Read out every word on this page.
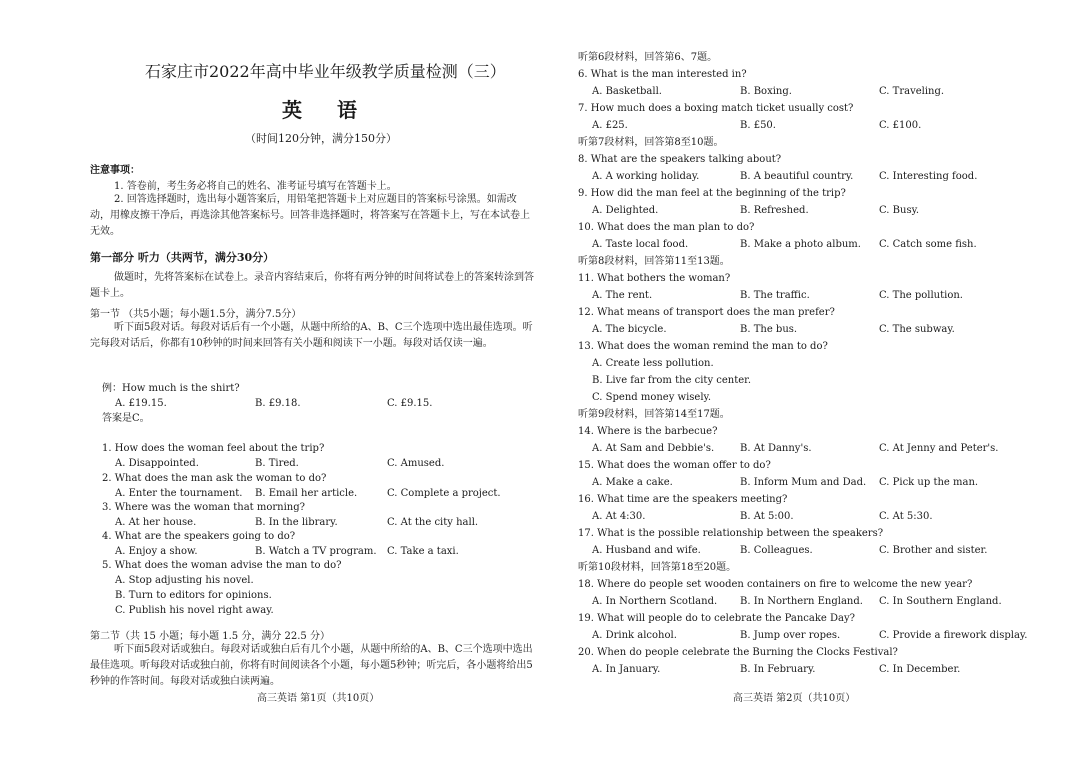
石家庄市2022年高中毕业年级教学质量检测（三）
英 语
（时间120分钟，满分150分）
注意事项：
1. 答卷前，考生务必将自己的姓名、准考证号填写在答题卡上。
2. 回答选择题时，选出每小题答案后，用铅笔把答题卡上对应题目的答案标号涂黑。如需改动，用橡皮擦干净后，再选涂其他答案标号。回答非选择题时，将答案写在答题卡上，写在本试卷上无效。
第一部分 听力（共两节，满分30分）
做题时，先将答案标在试卷上。录音内容结束后，你将有两分钟的时间将试卷上的答案转涂到答题卡上。
第一节 （共5小题；每小题1.5分，满分7.5分）
听下面5段对话。每段对话后有一个小题，从题中所给的A、B、C三个选项中选出最佳选项。听完每段对话后，你都有10秒钟的时间来回答有关小题和阅读下一小题。每段对话仅读一遍。
例：How much is the shirt?
A. £19.15.	B. £9.18.	C. £9.15.
答案是C。
1. How does the woman feel about the trip?
A. Disappointed.	B. Tired.	C. Amused.
2. What does the man ask the woman to do?
A. Enter the tournament. B. Email her article.	C. Complete a project.
3. Where was the woman that morning?
A. At her house.	B. In the library.	C. At the city hall.
4. What are the speakers going to do?
A. Enjoy a show.	B. Watch a TV program. C. Take a taxi.
5. What does the woman advise the man to do?
A. Stop adjusting his novel.
B. Turn to editors for opinions.
C. Publish his novel right away.
第二节（共 15 小题；每小题 1.5 分，满分 22.5 分）
听下面5段对话或独白。每段对话或独白后有几个小题，从题中所给的A、B、C三个选项中选出最佳选项。听每段对话或独白前，你将有时间阅读各个小题，每小题5秒钟；听完后，各小题将给出5秒钟的作答时间。每段对话或独白读两遍。
高三英语 第1页（共10页）
听第6段材料，回答第6、7题。
6. What is the man interested in?
A. Basketball.	B. Boxing.	C. Traveling.
7. How much does a boxing match ticket usually cost?
A. £25.	B. £50.	C. £100.
听第7段材料，回答第8至10题。
8. What are the speakers talking about?
A. A working holiday.	B. A beautiful country.	C. Interesting food.
9. How did the man feel at the beginning of the trip?
A. Delighted.	B. Refreshed.	C. Busy.
10. What does the man plan to do?
A. Taste local food.	B. Make a photo album. C. Catch some fish.
听第8段材料，回答第11至13题。
11. What bothers the woman?
A. The rent.	B. The traffic.	C. The pollution.
12. What means of transport does the man prefer?
A. The bicycle.	B. The bus.	C. The subway.
13. What does the woman remind the man to do?
A. Create less pollution.
B. Live far from the city center.
C. Spend money wisely.
听第9段材料，回答第14至17题。
14. Where is the barbecue?
A. At Sam and Debbie's.	B. At Danny's.	C. At Jenny and Peter's.
15. What does the woman offer to do?
A. Make a cake.	B. Inform Mum and Dad. C. Pick up the man.
16. What time are the speakers meeting?
A. At 4:30.	B. At 5:00.	C. At 5:30.
17. What is the possible relationship between the speakers?
A. Husband and wife.	B. Colleagues.	C. Brother and sister.
听第10段材料，回答第18至20题。
18. Where do people set wooden containers on fire to welcome the new year?
A. In Northern Scotland. B. In Northern England. C. In Southern England.
19. What will people do to celebrate the Pancake Day?
A. Drink alcohol.	B. Jump over ropes.	C. Provide a firework display.
20. When do people celebrate the Burning the Clocks Festival?
A. In January.	B. In February.	C. In December.
高三英语 第2页（共10页）
